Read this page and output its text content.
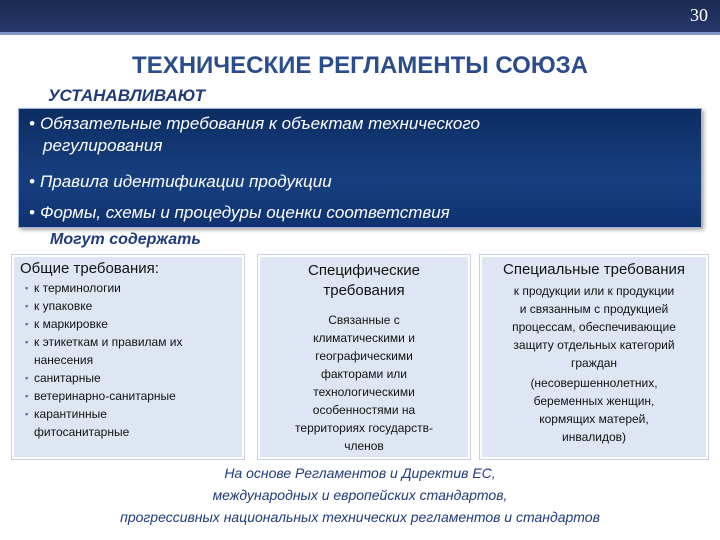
30
ТЕХНИЧЕСКИЕ РЕГЛАМЕНТЫ СОЮЗА
УСТАНАВЛИВАЮТ
• Обязательные требования к объектам технического
регулирования
• Правила идентификации продукции
• Формы, схемы и процедуры оценки соответствия
Могут содержать
Общие требования:
▪ к терминологии
▪ к упаковке
▪ к маркировке
▪ к этикеткам и правилам их
нанесения
▪ санитарные
▪ ветеринарно-санитарные
▪ карантинные
фитосанитарные
Специфические
требования
Связанные с
климатическими и
географическими
факторами или
технологическими
особенностями на
территориях государств-
членов
Специальные требования
к продукции или к продукции
и связанным с продукцией
процессам, обеспечивающие
защиту отдельных категорий
граждан
(несовершеннолетних,
беременных женщин,
кормящих матерей,
инвалидов)
На основе Регламентов и Директив ЕС,
международных и европейских стандартов,
прогрессивных национальных технических регламентов и стандартов
